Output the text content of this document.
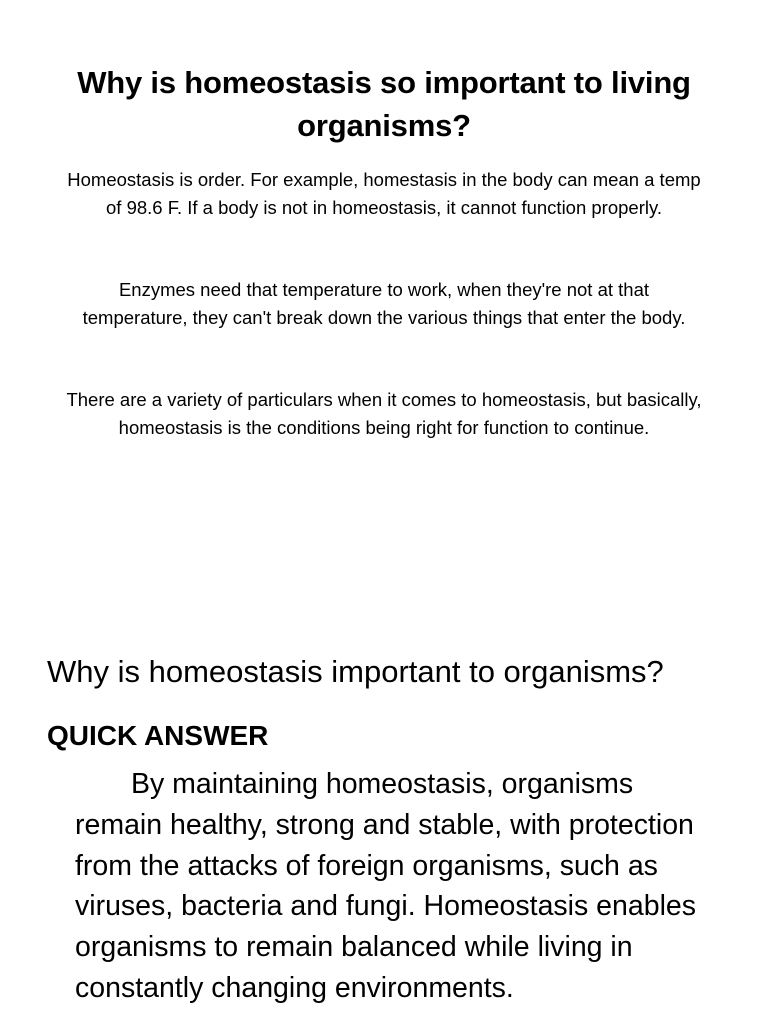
Why is homeostasis so important to living organisms?

Homeostasis is order. For example, homestasis in the body can mean a temp of 98.6 F. If a body is not in homeostasis, it cannot function properly.

Enzymes need that temperature to work, when they're not at that temperature, they can't break down the various things that enter the body.

There are a variety of particulars when it comes to homeostasis, but basically, homeostasis is the conditions being right for function to continue.

Why is homeostasis important to organisms?
QUICK ANSWER

By maintaining homeostasis, organisms remain healthy, strong and stable, with protection from the attacks of foreign organisms, such as viruses, bacteria and fungi. Homeostasis enables organisms to remain balanced while living in constantly changing environments.
